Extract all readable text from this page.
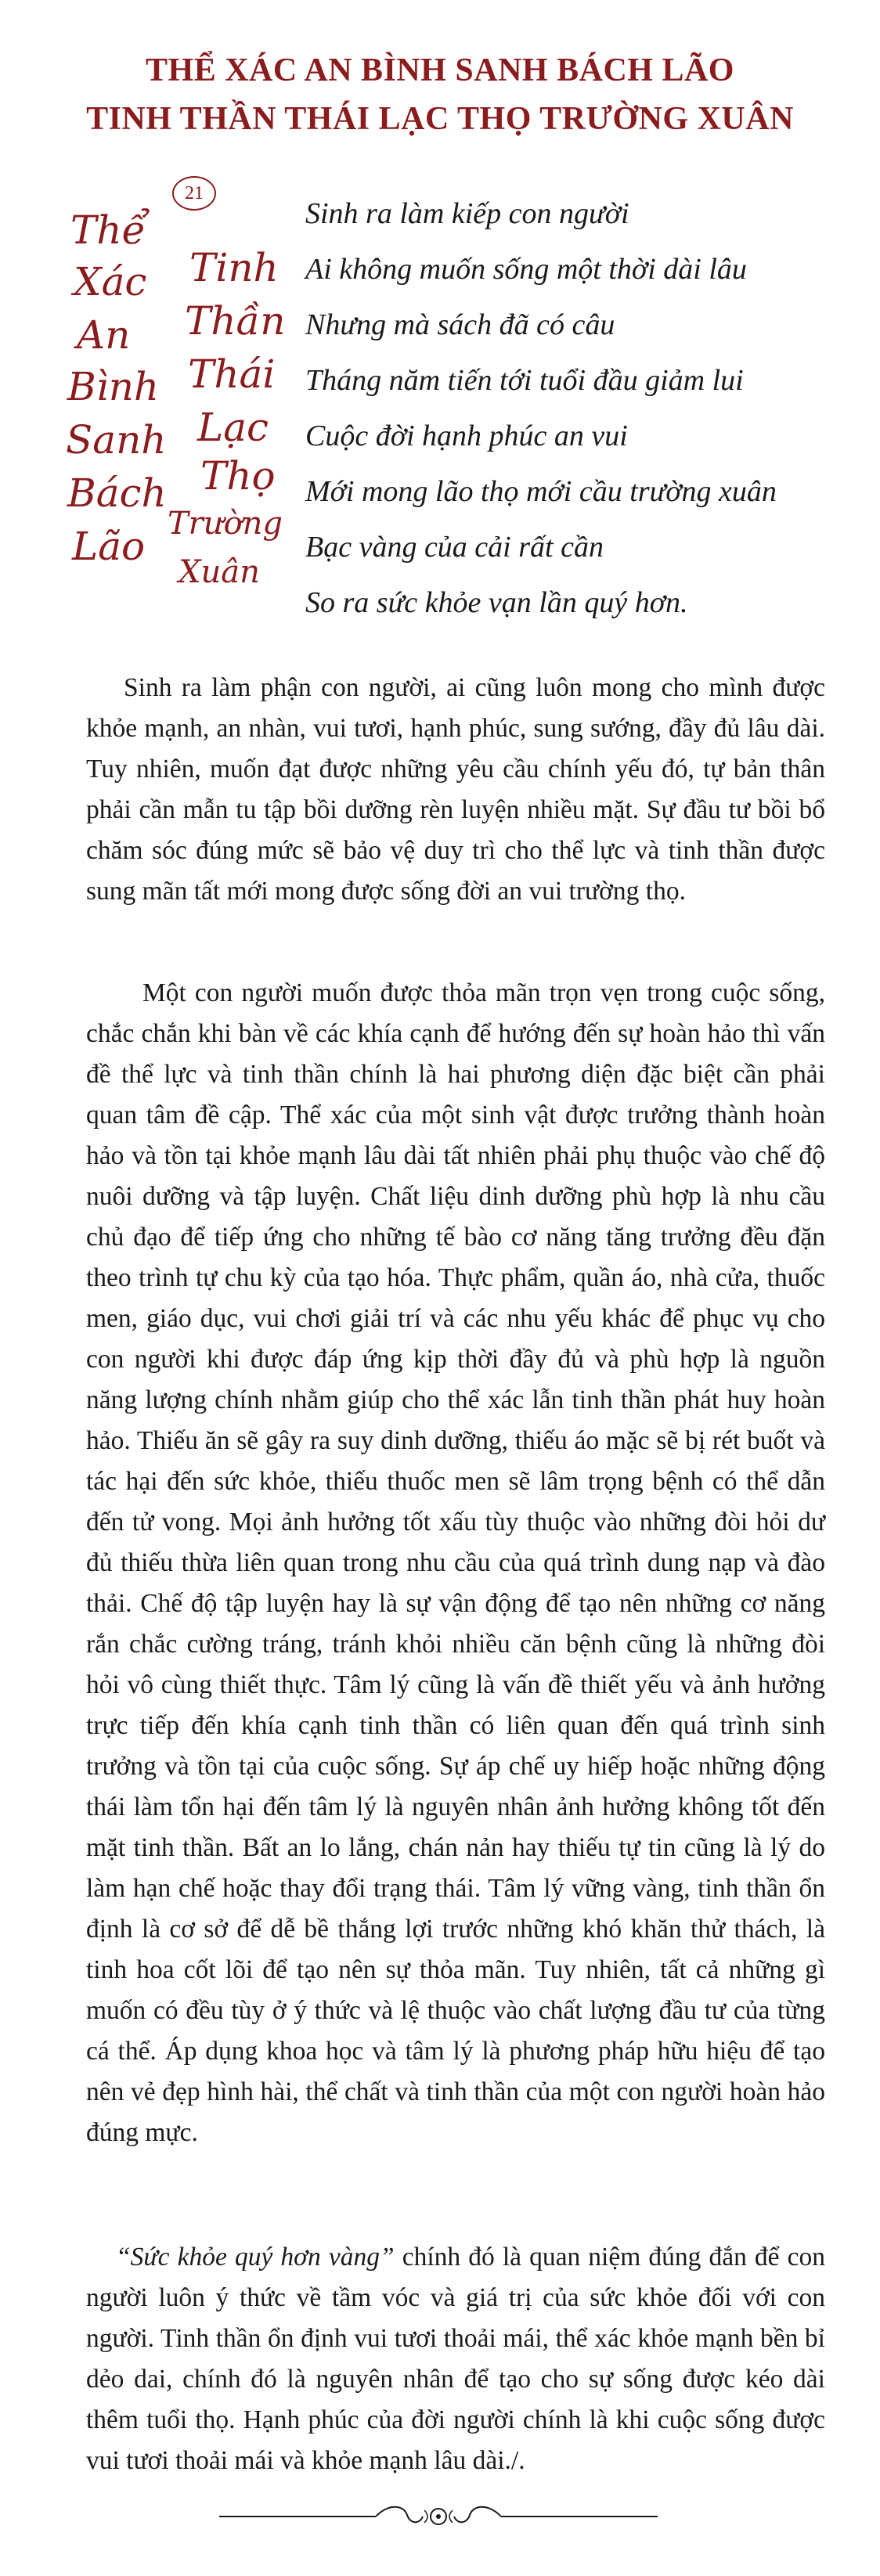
THỂ XÁC AN BÌNH SANH BÁCH LÃO
TINH THẦN THÁI LẠC THỌ TRƯỜNG XUÂN
21
Thể
Xác
An
Bình
Sanh
Bách
Lão
Tinh
Thần
Thái
Lạc
Thọ
Trường
Xuân
Sinh ra làm kiếp con người
Ai không muốn sống một thời dài lâu
Nhưng mà sách đã có câu
Tháng năm tiến tới tuổi đầu giảm lui
Cuộc đời hạnh phúc an vui
Mới mong lão thọ mới cầu trường xuân
Bạc vàng của cải rất cần
So ra sức khỏe vạn lần quý hơn.

Sinh ra làm phận con người, ai cũng luôn mong cho mình được khỏe mạnh, an nhàn, vui tươi, hạnh phúc, sung sướng, đầy đủ lâu dài. Tuy nhiên, muốn đạt được những yêu cầu chính yếu đó, tự bản thân phải cần mẫn tu tập bồi dưỡng rèn luyện nhiều mặt. Sự đầu tư bồi bổ chăm sóc đúng mức sẽ bảo vệ duy trì cho thể lực và tinh thần được sung mãn tất mới mong được sống đời an vui trường thọ.

Một con người muốn được thỏa mãn trọn vẹn trong cuộc sống, chắc chắn khi bàn về các khía cạnh để hướng đến sự hoàn hảo thì vấn đề thể lực và tinh thần chính là hai phương diện đặc biệt cần phải quan tâm đề cập. Thể xác của một sinh vật được trưởng thành hoàn hảo và tồn tại khỏe mạnh lâu dài tất nhiên phải phụ thuộc vào chế độ nuôi dưỡng và tập luyện. Chất liệu dinh dưỡng phù hợp là nhu cầu chủ đạo để tiếp ứng cho những tế bào cơ năng tăng trưởng đều đặn theo trình tự chu kỳ của tạo hóa. Thực phẩm, quần áo, nhà cửa, thuốc men, giáo dục, vui chơi giải trí và các nhu yếu khác để phục vụ cho con người khi được đáp ứng kịp thời đầy đủ và phù hợp là nguồn năng lượng chính nhằm giúp cho thể xác lẫn tinh thần phát huy hoàn hảo. Thiếu ăn sẽ gây ra suy dinh dưỡng, thiếu áo mặc sẽ bị rét buốt và tác hại đến sức khỏe, thiếu thuốc men sẽ lâm trọng bệnh có thể dẫn đến tử vong. Mọi ảnh hưởng tốt xấu tùy thuộc vào những đòi hỏi dư đủ thiếu thừa liên quan trong nhu cầu của quá trình dung nạp và đào thải. Chế độ tập luyện hay là sự vận động để tạo nên những cơ năng rắn chắc cường tráng, tránh khỏi nhiều căn bệnh cũng là những đòi hỏi vô cùng thiết thực. Tâm lý cũng là vấn đề thiết yếu và ảnh hưởng trực tiếp đến khía cạnh tinh thần có liên quan đến quá trình sinh trưởng và tồn tại của cuộc sống. Sự áp chế uy hiếp hoặc những động thái làm tổn hại đến tâm lý là nguyên nhân ảnh hưởng không tốt đến mặt tinh thần. Bất an lo lắng, chán nản hay thiếu tự tin cũng là lý do làm hạn chế hoặc thay đổi trạng thái. Tâm lý vững vàng, tinh thần ổn định là cơ sở để dễ bề thắng lợi trước những khó khăn thử thách, là tinh hoa cốt lõi để tạo nên sự thỏa mãn. Tuy nhiên, tất cả những gì muốn có đều tùy ở ý thức và lệ thuộc vào chất lượng đầu tư của từng cá thể. Áp dụng khoa học và tâm lý là phương pháp hữu hiệu để tạo nên vẻ đẹp hình hài, thể chất và tinh thần của một con người hoàn hảo đúng mực.

“Sức khỏe quý hơn vàng” chính đó là quan niệm đúng đắn để con người luôn ý thức về tầm vóc và giá trị của sức khỏe đối với con người. Tinh thần ổn định vui tươi thoải mái, thể xác khỏe mạnh bền bỉ dẻo dai, chính đó là nguyên nhân để tạo cho sự sống được kéo dài thêm tuổi thọ. Hạnh phúc của đời người chính là khi cuộc sống được vui tươi thoải mái và khỏe mạnh lâu dài./.
